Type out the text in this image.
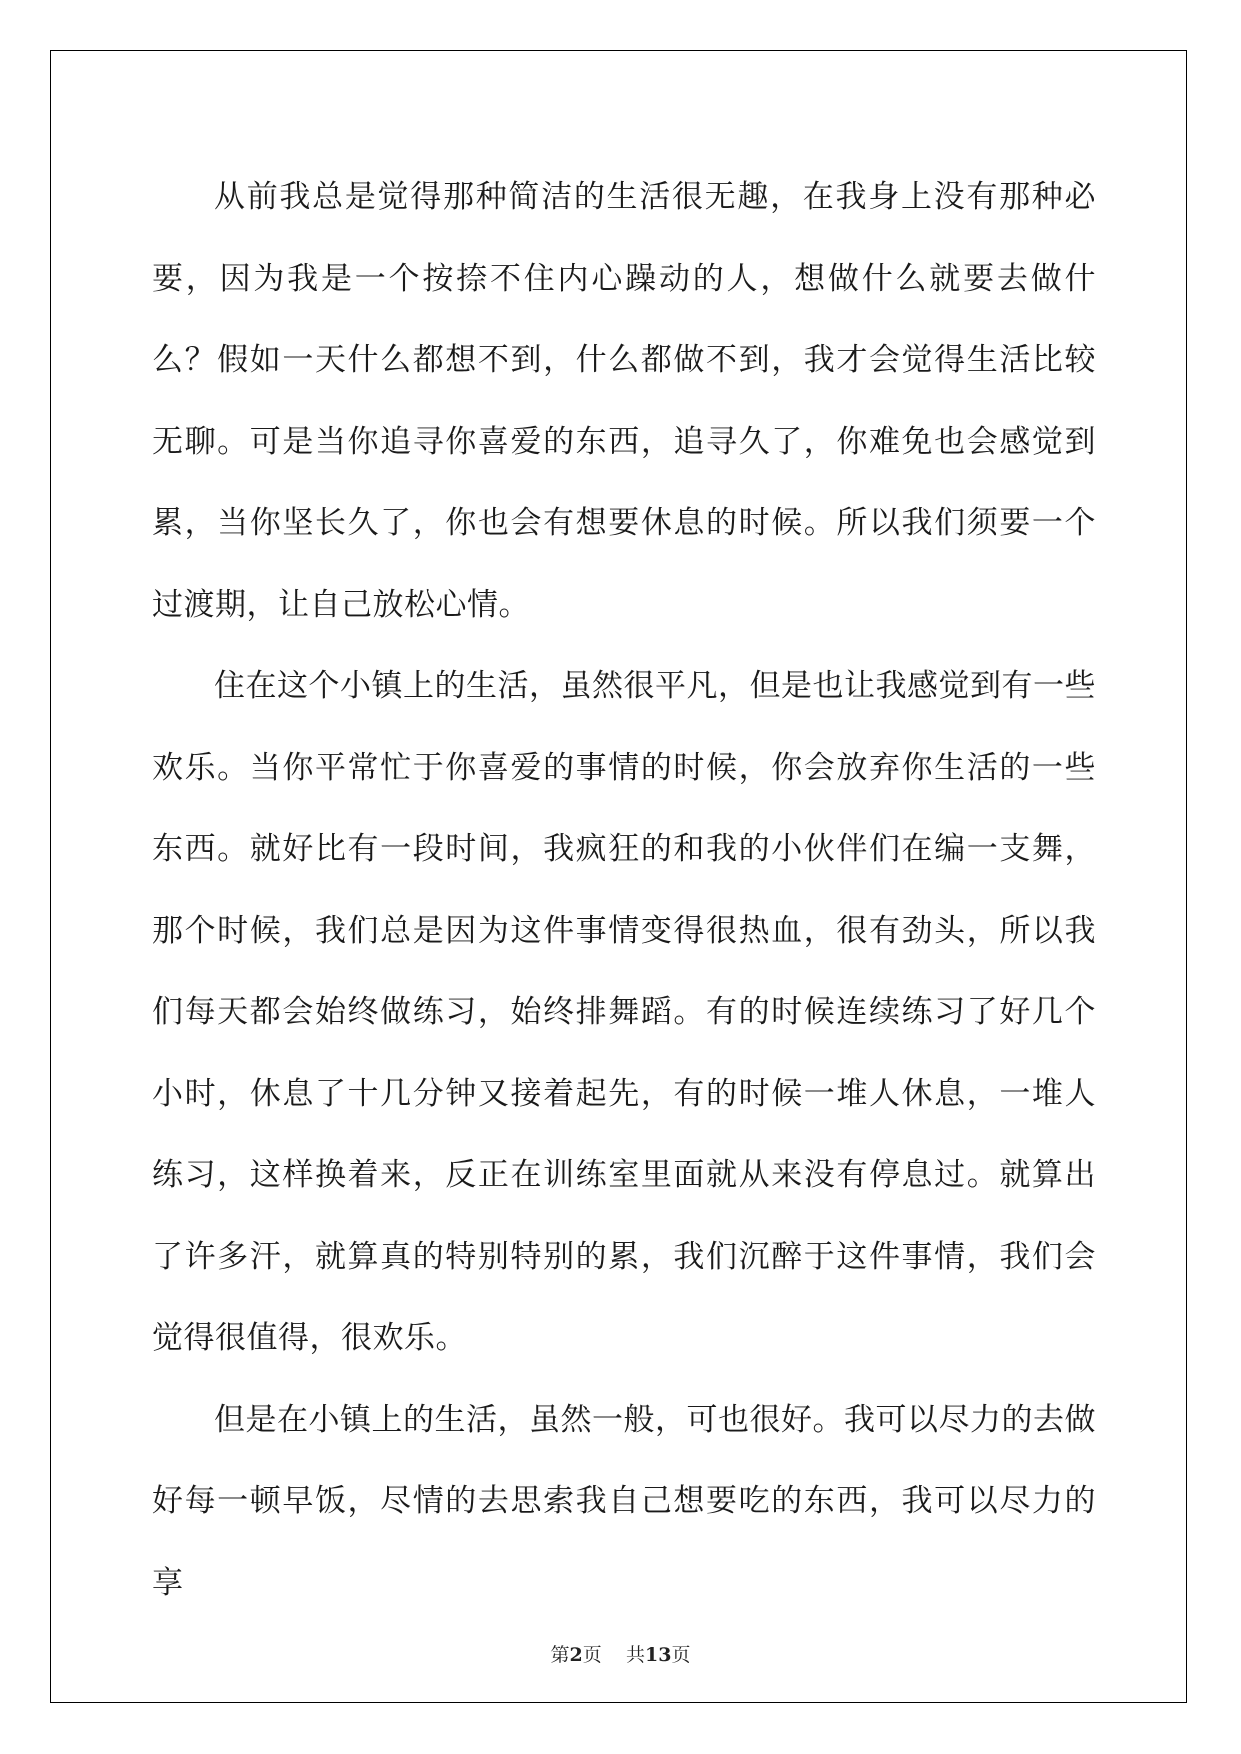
从前我总是觉得那种简洁的生活很无趣，在我身上没有那种必要，因为我是一个按捺不住内心躁动的人，想做什么就要去做什么？假如一天什么都想不到，什么都做不到，我才会觉得生活比较无聊。可是当你追寻你喜爱的东西，追寻久了，你难免也会感觉到累，当你坚长久了，你也会有想要休息的时候。所以我们须要一个过渡期，让自己放松心情。

住在这个小镇上的生活，虽然很平凡，但是也让我感觉到有一些欢乐。当你平常忙于你喜爱的事情的时候，你会放弃你生活的一些东西。就好比有一段时间，我疯狂的和我的小伙伴们在编一支舞，那个时候，我们总是因为这件事情变得很热血，很有劲头，所以我们每天都会始终做练习，始终排舞蹈。有的时候连续练习了好几个小时，休息了十几分钟又接着起先，有的时候一堆人休息，一堆人练习，这样换着来，反正在训练室里面就从来没有停息过。就算出了许多汗，就算真的特别特别的累，我们沉醉于这件事情，我们会觉得很值得，很欢乐。

但是在小镇上的生活，虽然一般，可也很好。我可以尽力的去做好每一顿早饭，尽情的去思索我自己想要吃的东西，我可以尽力的享

第2页 共13页
